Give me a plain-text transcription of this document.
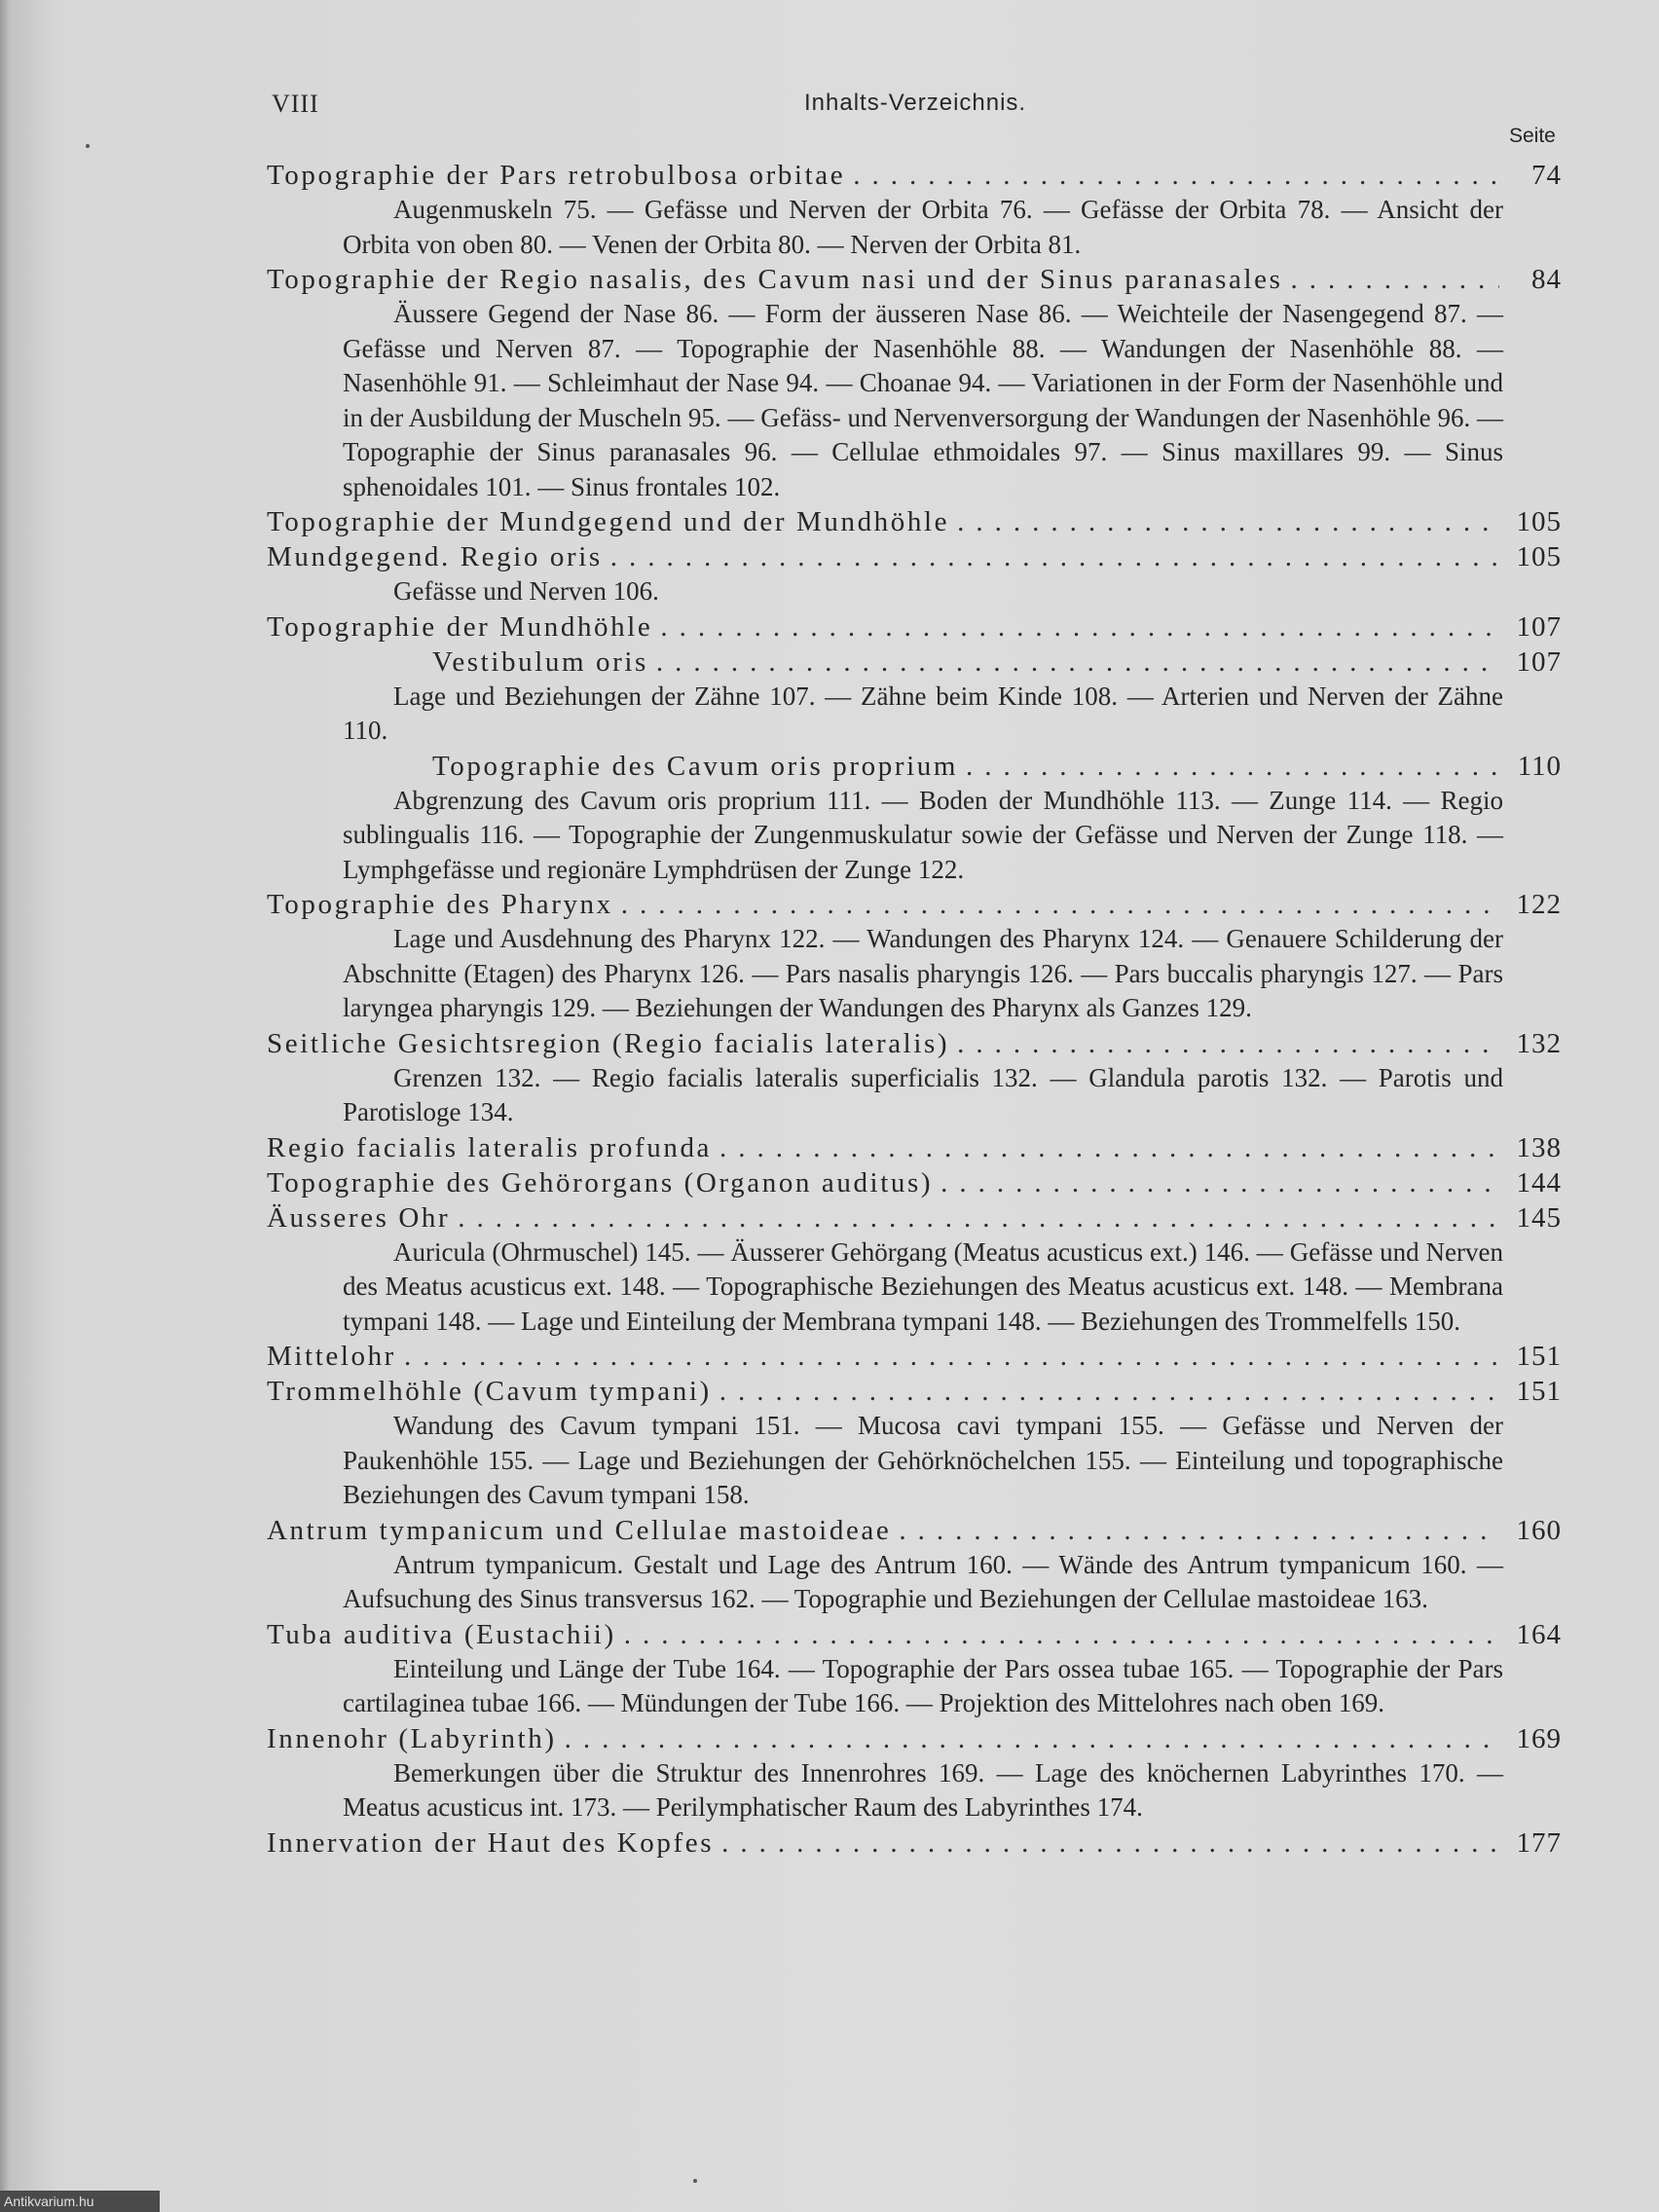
VIII	Inhalts-Verzeichnis.
Seite
Topographie der Pars retrobulbosa orbitae .....	74
Augenmuskeln 75. — Gefässe und Nerven der Orbita 76. — Gefässe der Orbita 78. — Ansicht der Orbita von oben 80. — Venen der Orbita 80. — Nerven der Orbita 81.
Topographie der Regio nasalis, des Cavum nasi und der Sinus paranasales .....	84
Äussere Gegend der Nase 86. — Form der äusseren Nase 86. — Weichteile der Nasengegend 87. — Gefässe und Nerven 87. — Topographie der Nasenhöhle 88. — Wandungen der Nasenhöhle 88. — Nasenhöhle 91. — Schleimhaut der Nase 94. — Choanae 94. — Variationen in der Form der Nasenhöhle und in der Ausbildung der Muscheln 95. — Gefäss- und Nervenversorgung der Wandungen der Nasenhöhle 96. — Topographie der Sinus paranasales 96. — Cellulae ethmoidales 97. — Sinus maxillares 99. — Sinus sphenoidales 101. — Sinus frontales 102.
Topographie der Mundgegend und der Mundhöhle .....	105
Mundgegend. Regio oris .....	105
Gefässe und Nerven 106.
Topographie der Mundhöhle .....	107
Vestibulum oris .....	107
Lage und Beziehungen der Zähne 107. — Zähne beim Kinde 108. — Arterien und Nerven der Zähne 110.
Topographie des Cavum oris proprium .....	110
Abgrenzung des Cavum oris proprium 111. — Boden der Mundhöhle 113. — Zunge 114. — Regio sublingualis 116. — Topographie der Zungenmuskulatur sowie der Gefässe und Nerven der Zunge 118. — Lymphgefässe und regionäre Lymphdrüsen der Zunge 122.
Topographie des Pharynx .....	122
Lage und Ausdehnung des Pharynx 122. — Wandungen des Pharynx 124. — Genauere Schilderung der Abschnitte (Etagen) des Pharynx 126. — Pars nasalis pharyngis 126. — Pars buccalis pharyngis 127. — Pars laryngea pharyngis 129. — Beziehungen der Wandungen des Pharynx als Ganzes 129.
Seitliche Gesichtsregion (Regio facialis lateralis) .....	132
Grenzen 132. — Regio facialis lateralis superficialis 132. — Glandula parotis 132. — Parotis und Parotisloge 134.
Regio facialis lateralis profunda .....	138
Topographie des Gehörorgans (Organon auditus) .....	144
Äusseres Ohr .....	145
Auricula (Ohrmuschel) 145. — Äusserer Gehörgang (Meatus acusticus ext.) 146. — Gefässe und Nerven des Meatus acusticus ext. 148. — Topographische Beziehungen des Meatus acusticus ext. 148. — Membrana tympani 148. — Lage und Einteilung der Membrana tympani 148. — Beziehungen des Trommelfells 150.
Mittelohr .....	151
Trommelhöhle (Cavum tympani) .....	151
Wandung des Cavum tympani 151. — Mucosa cavi tympani 155. — Gefässe und Nerven der Paukenhöhle 155. — Lage und Beziehungen der Gehörknöchelchen 155. — Einteilung und topographische Beziehungen des Cavum tympani 158.
Antrum tympanicum und Cellulae mastoideae .....	160
Antrum tympanicum. Gestalt und Lage des Antrum 160. — Wände des Antrum tympanicum 160. — Aufsuchung des Sinus transversus 162. — Topographie und Beziehungen der Cellulae mastoideae 163.
Tuba auditiva (Eustachii) .....	164
Einteilung und Länge der Tube 164. — Topographie der Pars ossea tubae 165. — Topographie der Pars cartilaginea tubae 166. — Mündungen der Tube 166. — Projektion des Mittelohres nach oben 169.
Innenohr (Labyrinth) .....	169
Bemerkungen über die Struktur des Innenrohres 169. — Lage des knöchernen Labyrinthes 170. — Meatus acusticus int. 173. — Perilymphatischer Raum des Labyrinthes 174.
Innervation der Haut des Kopfes .....	177
Antikvarium.hu
